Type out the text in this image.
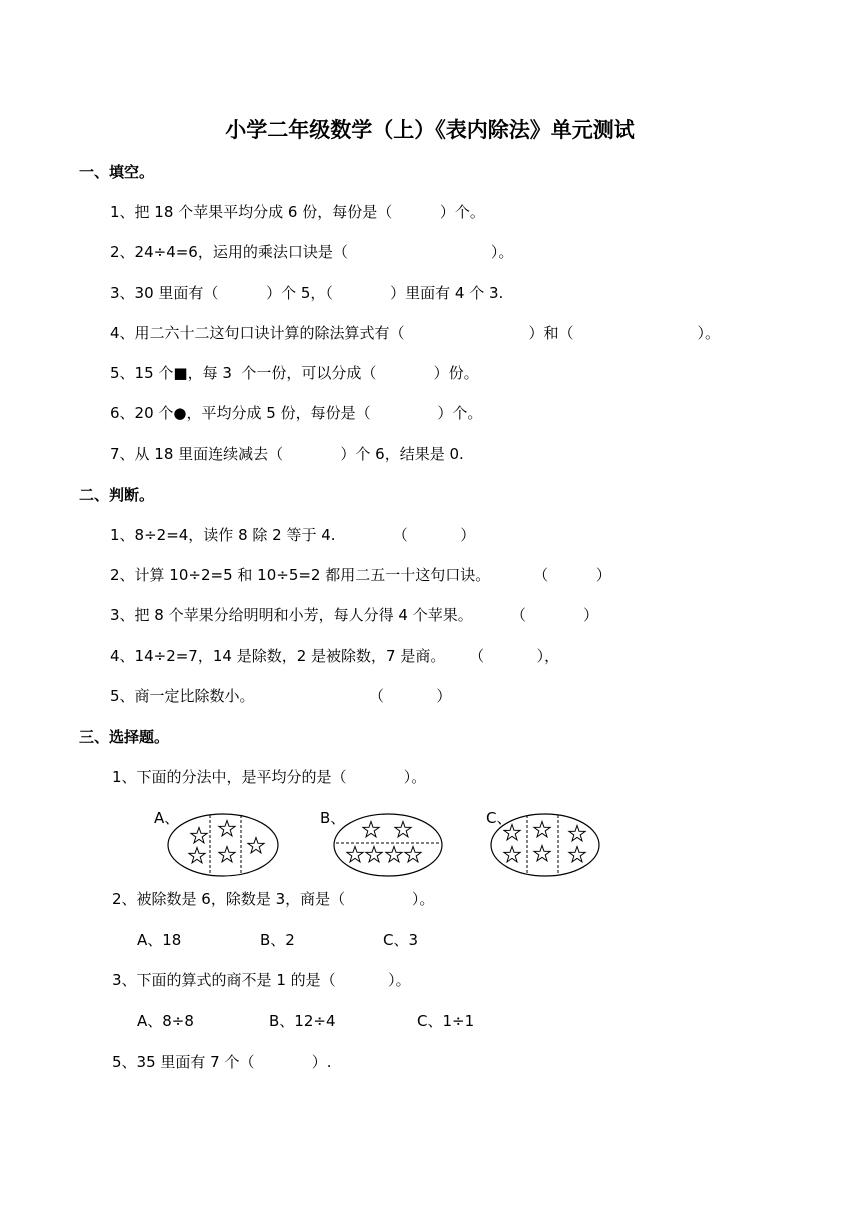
小学二年级数学（上）《表内除法》单元测试
一、填空。
1、把 18 个苹果平均分成 6 份，每份是（          ）个。
2、24÷4=6，运用的乘法口诀是（                              ）。
3、30 里面有（          ）个 5，（            ）里面有 4 个 3.
4、用二六十二这句口诀计算的除法算式有（                          ）和（                          ）。
5、15 个■，每 3  个一份，可以分成（            ）份。
6、20 个●，平均分成 5 份，每份是（              ）个。
7、从 18 里面连续减去（            ）个 6，结果是 0.
二、判断。
1、8÷2=4，读作 8 除 2 等于 4.            （           ）
2、计算 10÷2=5 和 10÷5=2 都用二五一十这句口诀。         （          ）
3、把 8 个苹果分给明明和小芳，每人分得 4 个苹果。        （            ）
4、14÷2=7，14 是除数，2 是被除数，7 是商。     （           ），
5、商一定比除数小。                        （           ）
三、选择题。
1、下面的分法中，是平均分的是（            ）。
A、	B、	C、
2、被除数是 6，除数是 3，商是（              ）。
A、18	B、2	C、3
3、下面的算式的商不是 1 的是（           ）。
A、8÷8	B、12÷4	C、1÷1
5、35 里面有 7 个（            ）.
